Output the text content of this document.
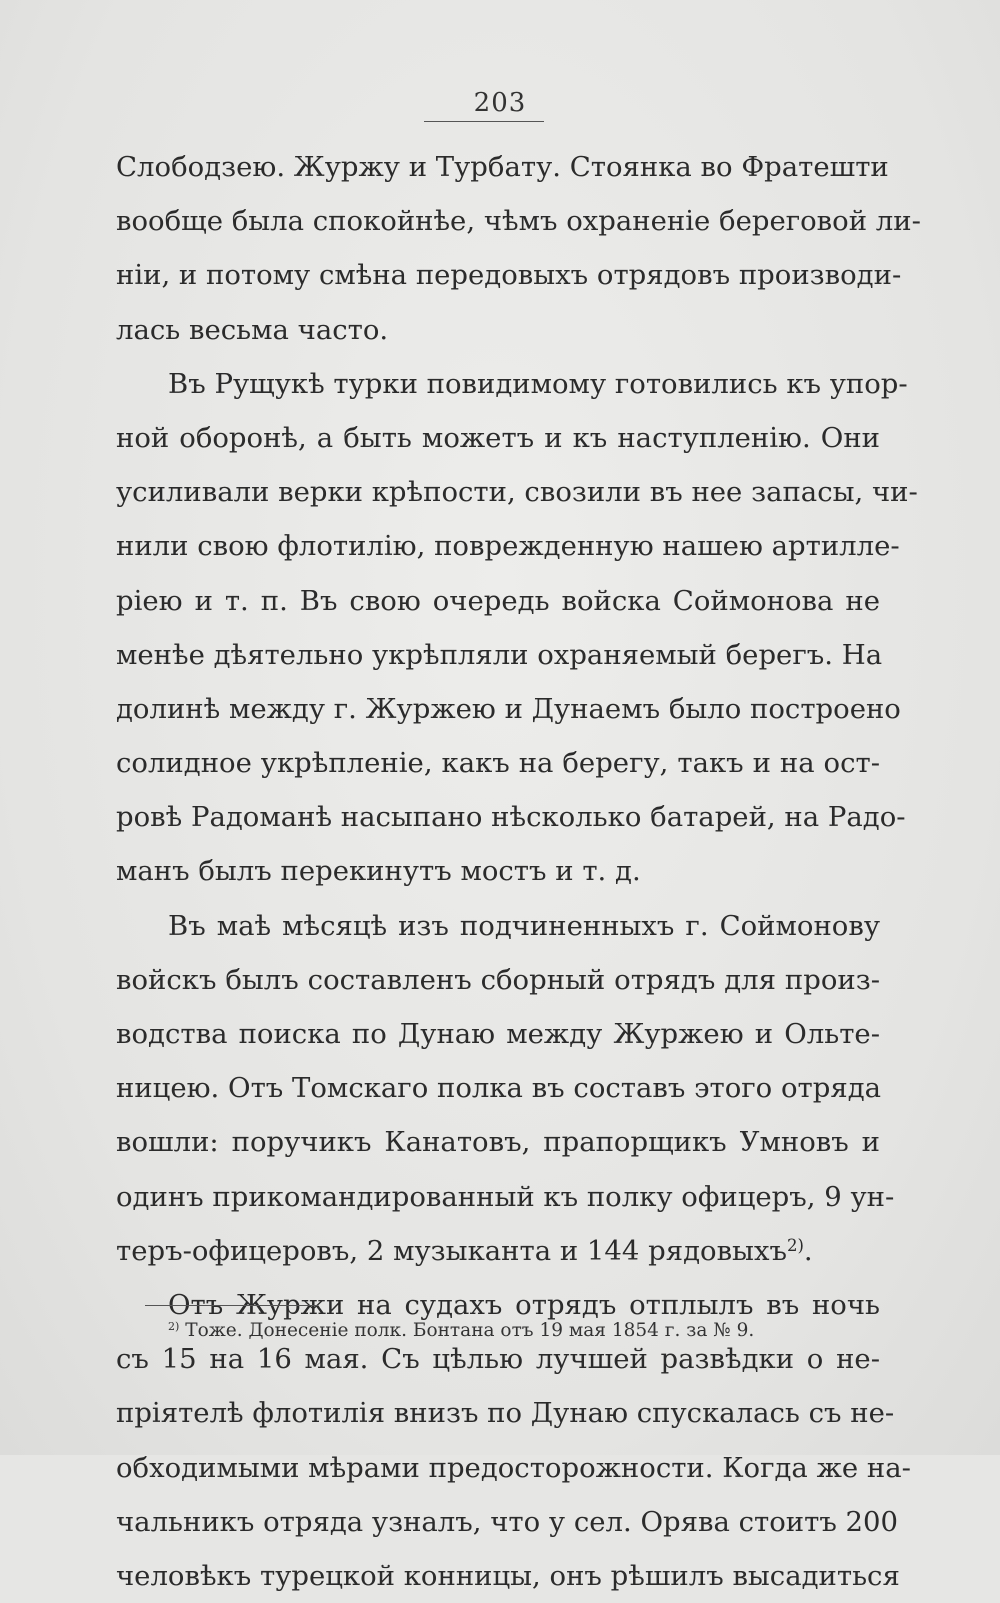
203
Слободзею. Журжу и Турбату. Стоянка во Фратешти
вообще была спокойнѣе, чѣмъ охраненіе береговой ли-
ніи, и потому смѣна передовыхъ отрядовъ производи-
лась весьма часто.
Въ Рущукѣ турки повидимому готовились къ упор-
ной оборонѣ, а быть можетъ и къ наступленію. Они
усиливали верки крѣпости, свозили въ нее запасы, чи-
нили свою флотилію, поврежденную нашею артилле-
ріею и т. п. Въ свою очередь войска Соймонова не
менѣе дѣятельно укрѣпляли охраняемый берегъ. На
долинѣ между г. Журжею и Дунаемъ было построено
солидное укрѣпленіе, какъ на берегу, такъ и на ост-
ровѣ Радоманѣ насыпано нѣсколько батарей, на Радо-
манъ былъ перекинутъ мостъ и т. д.
Въ маѣ мѣсяцѣ изъ подчиненныхъ г. Соймонову
войскъ былъ составленъ сборный отрядъ для произ-
водства поиска по Дунаю между Журжею и Ольте-
ницею. Отъ Томскаго полка въ составъ этого отряда
вошли: поручикъ Канатовъ, прапорщикъ Умновъ и
одинъ прикомандированный къ полку офицеръ, 9 ун-
теръ-офицеровъ, 2 музыканта и 144 рядовыхъ$^{2)}$.
Отъ Журжи на судахъ отрядъ отплылъ въ ночь
съ 15 на 16 мая. Съ цѣлью лучшей развѣдки о не-
пріятелѣ флотилія внизъ по Дунаю спускалась съ не-
обходимыми мѣрами предосторожности. Когда же на-
чальникъ отряда узналъ, что у сел. Орява стоитъ 200
человѣкъ турецкой конницы, онъ рѣшилъ высадиться
$^{2)}$ Тоже. Донесеніе полк. Бонтана отъ 19 мая 1854 г. за № 9.
